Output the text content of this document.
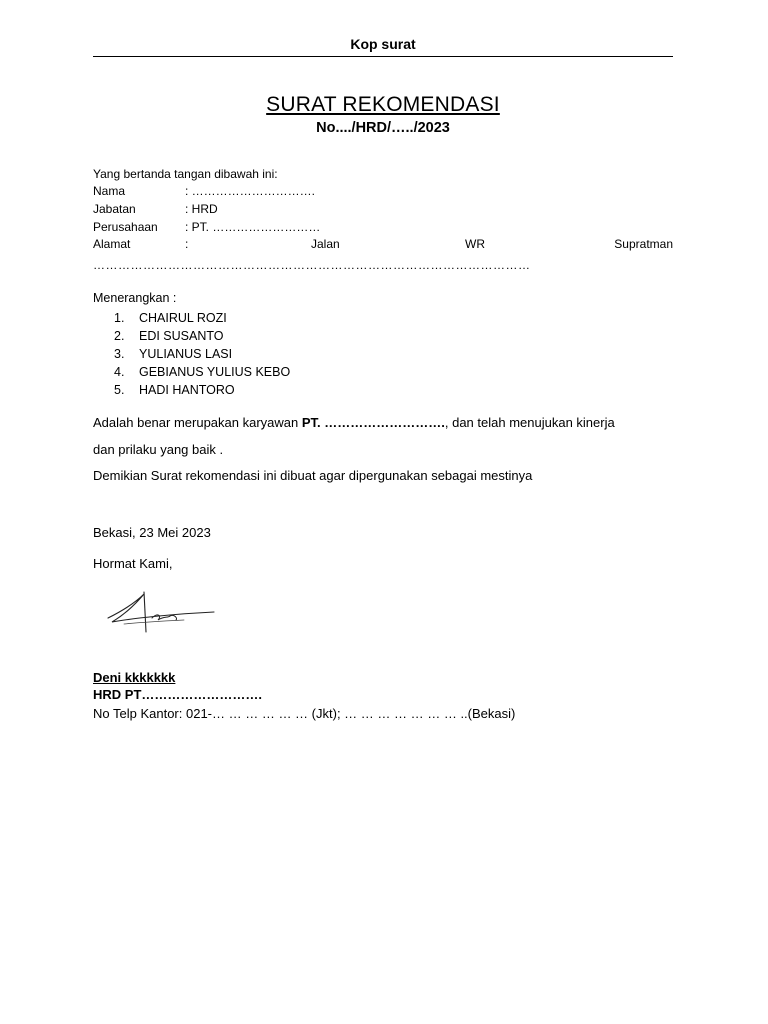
Kop surat
SURAT REKOMENDASI
No..../HRD/…../2023
Yang bertanda tangan dibawah ini:
Nama	: ………………………….
Jabatan	: HRD
Perusahaan : PT. ………………………
Alamat	:	Jalan	WR	Supratman
……………………………………………………………………………………………
Menerangkan :
1. CHAIRUL ROZI
2. EDI SUSANTO
3. YULIANUS LASI
4. GEBIANUS YULIUS KEBO
5. HADI HANTORO
Adalah benar merupakan karyawan PT. ………………………., dan telah menujukan kinerja
dan prilaku yang baik .
Demikian Surat rekomendasi ini dibuat agar dipergunakan sebagai mestinya
Bekasi, 23 Mei 2023
Hormat Kami,
Deni kkkkkkk
HRD PT……………………….
No Telp Kantor: 021-… … … … … … (Jkt); … … … … … … … ..(Bekasi)
